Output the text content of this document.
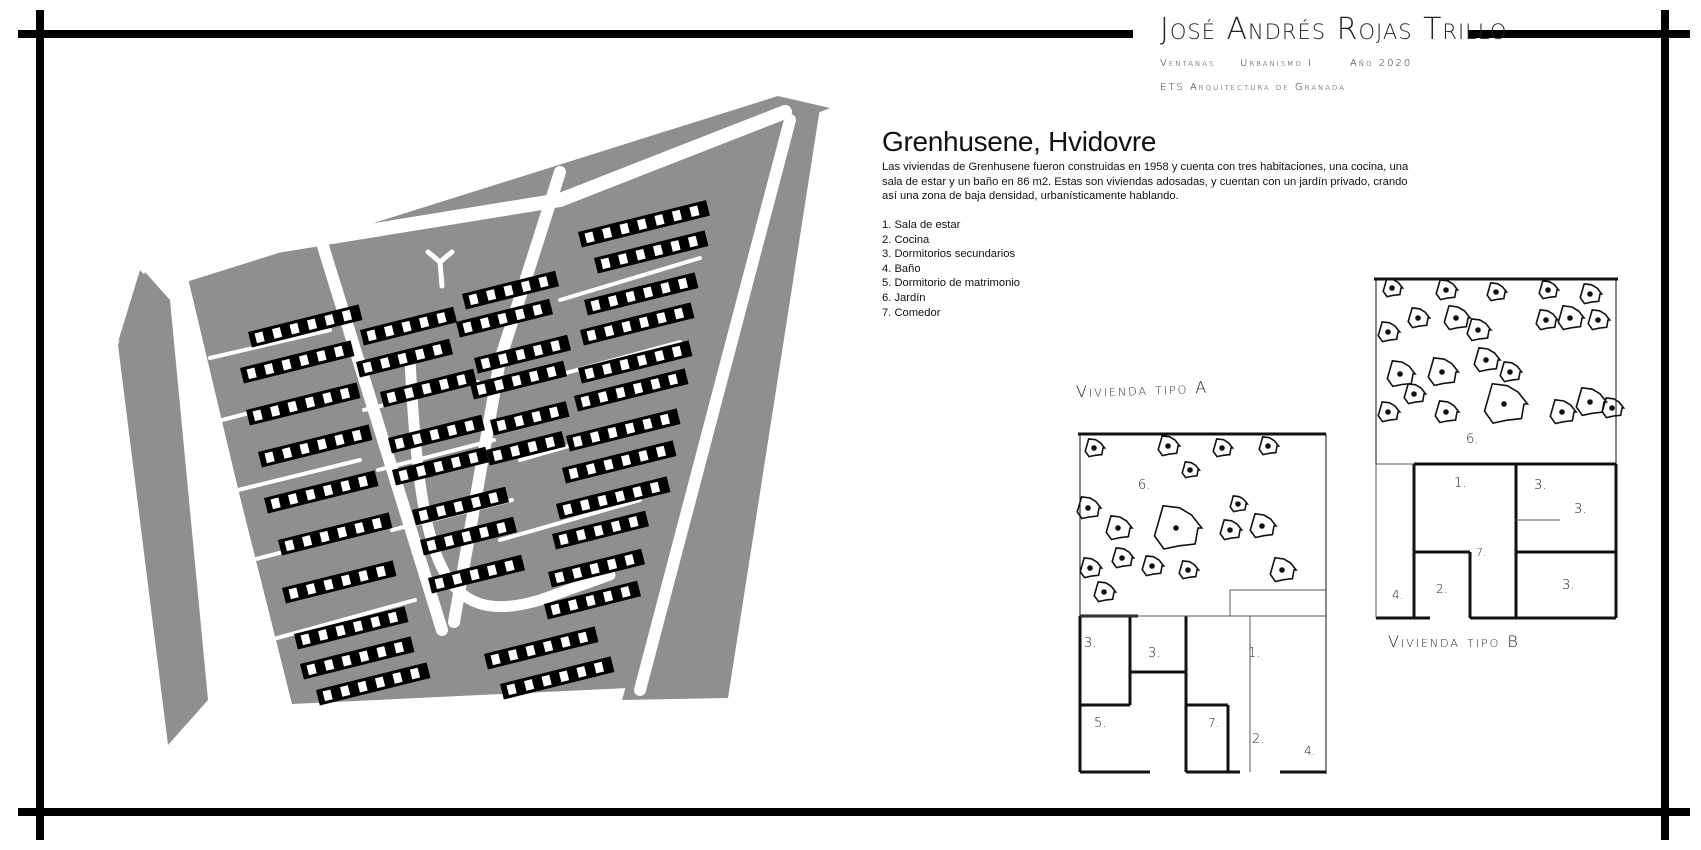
José Andrés Rojas Trillo
Ventanas Urbanismo I	Año 2020
ETS Arquitectura de Granada
Grenhusene, Hvidovre
Las viviendas de Grenhusene fueron construidas en 1958 y cuenta con tres habitaciones, una cocina, una sala de estar y un baño en 86 m2. Estas son viviendas adosadas, y cuentan con un jardín privado, crando así una zona de baja densidad, urbanísticamente hablando.
1. Sala de estar
2. Cocina
3. Dormitorios secundarios
4. Baño
5. Dormitorio de matrimonio
6. Jardín
7. Comedor
Vivienda tipo A
Vivienda tipo B
6.
3.
3.	1.
5.	7.
2.
4.
6.
1.	3.
3.
7.
4.	2.	3.
